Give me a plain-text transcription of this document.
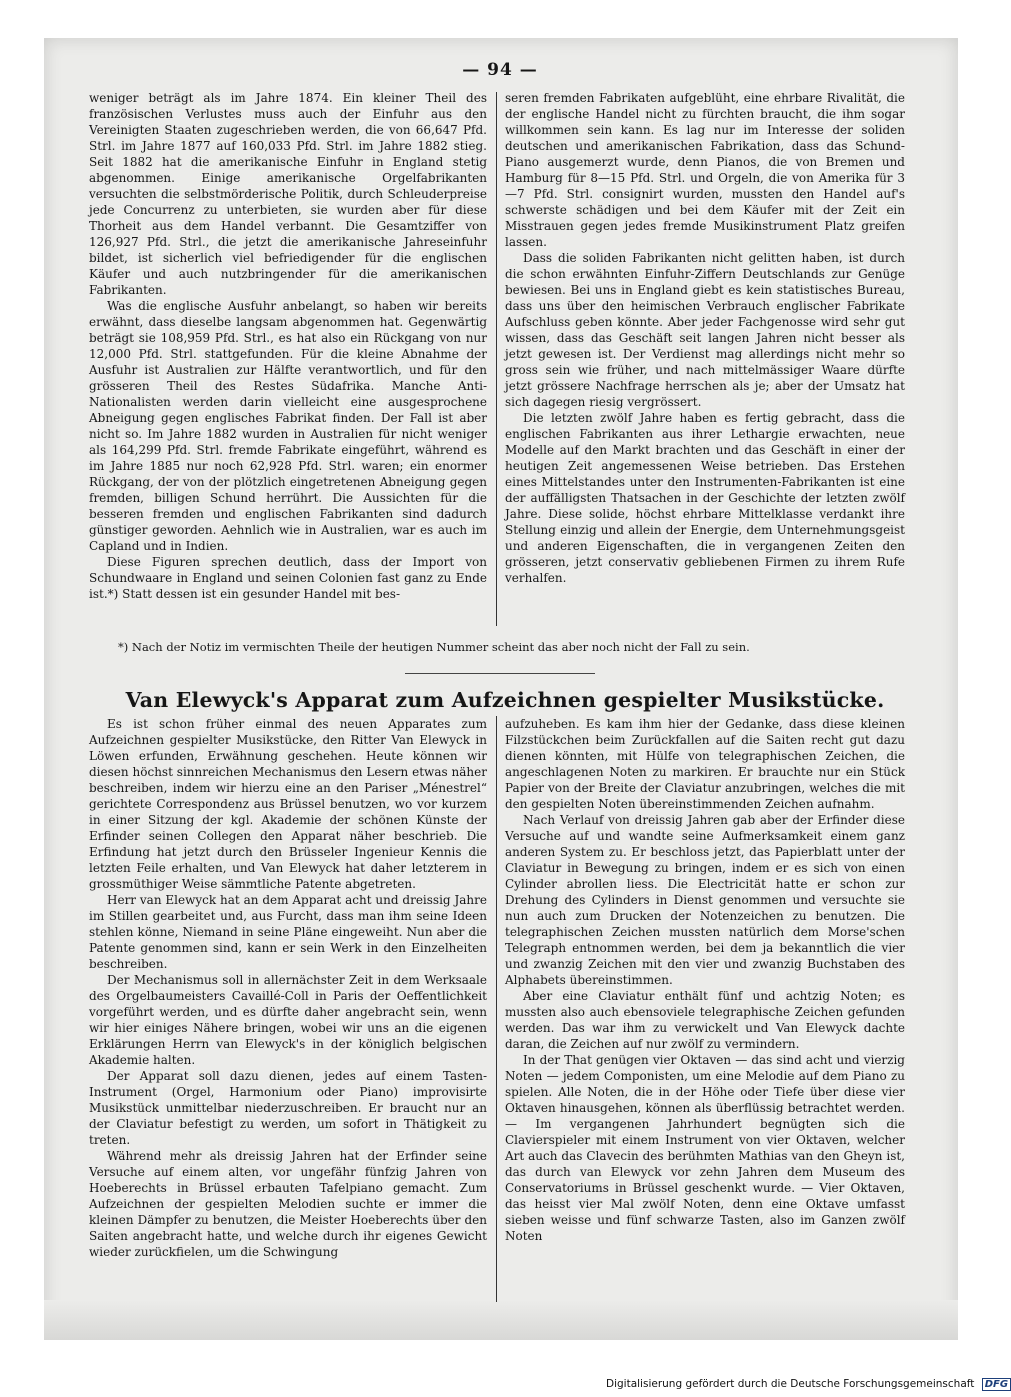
— 94 —

weniger beträgt als im Jahre 1874. Ein kleiner Theil des französischen Verlustes muss auch der Einfuhr aus den Vereinigten Staaten zugeschrieben werden, die von 66,647 Pfd. Strl. im Jahre 1877 auf 160,033 Pfd. Strl. im Jahre 1882 stieg. Seit 1882 hat die amerikanische Einfuhr in England stetig abgenommen. Einige amerikanische Orgelfabrikanten versuchten die selbstmörderische Politik, durch Schleuderpreise jede Concurrenz zu unterbieten, sie wurden aber für diese Thorheit aus dem Handel verbannt. Die Gesamtziffer von 126,927 Pfd. Strl., die jetzt die amerikanische Jahreseinfuhr bildet, ist sicherlich viel befriedigender für die englischen Käufer und auch nutzbringender für die amerikanischen Fabrikanten.

Was die englische Ausfuhr anbelangt, so haben wir bereits erwähnt, dass dieselbe langsam abgenommen hat. Gegenwärtig beträgt sie 108,959 Pfd. Strl., es hat also ein Rückgang von nur 12,000 Pfd. Strl. stattgefunden. Für die kleine Abnahme der Ausfuhr ist Australien zur Hälfte verantwortlich, und für den grösseren Theil des Restes Südafrika. Manche Anti-Nationalisten werden darin vielleicht eine ausgesprochene Abneigung gegen englisches Fabrikat finden. Der Fall ist aber nicht so. Im Jahre 1882 wurden in Australien für nicht weniger als 164,299 Pfd. Strl. fremde Fabrikate eingeführt, während es im Jahre 1885 nur noch 62,928 Pfd. Strl. waren; ein enormer Rückgang, der von der plötzlich eingetretenen Abneigung gegen fremden, billigen Schund herrührt. Die Aussichten für die besseren fremden und englischen Fabrikanten sind dadurch günstiger geworden. Aehnlich wie in Australien, war es auch im Capland und in Indien.

Diese Figuren sprechen deutlich, dass der Import von Schundwaare in England und seinen Colonien fast ganz zu Ende ist.*) Statt dessen ist ein gesunder Handel mit bes-

seren fremden Fabrikaten aufgeblüht, eine ehrbare Rivalität, die der englische Handel nicht zu fürchten braucht, die ihm sogar willkommen sein kann. Es lag nur im Interesse der soliden deutschen und amerikanischen Fabrikation, dass das Schund-Piano ausgemerzt wurde, denn Pianos, die von Bremen und Hamburg für 8—15 Pfd. Strl. und Orgeln, die von Amerika für 3—7 Pfd. Strl. consignirt wurden, mussten den Handel auf's schwerste schädigen und bei dem Käufer mit der Zeit ein Misstrauen gegen jedes fremde Musikinstrument Platz greifen lassen.

Dass die soliden Fabrikanten nicht gelitten haben, ist durch die schon erwähnten Einfuhr-Ziffern Deutschlands zur Genüge bewiesen. Bei uns in England giebt es kein statistisches Bureau, dass uns über den heimischen Verbrauch englischer Fabrikate Aufschluss geben könnte. Aber jeder Fachgenosse wird sehr gut wissen, dass das Geschäft seit langen Jahren nicht besser als jetzt gewesen ist. Der Verdienst mag allerdings nicht mehr so gross sein wie früher, und nach mittelmässiger Waare dürfte jetzt grössere Nachfrage herrschen als je; aber der Umsatz hat sich dagegen riesig vergrössert.

Die letzten zwölf Jahre haben es fertig gebracht, dass die englischen Fabrikanten aus ihrer Lethargie erwachten, neue Modelle auf den Markt brachten und das Geschäft in einer der heutigen Zeit angemessenen Weise betrieben. Das Erstehen eines Mittelstandes unter den Instrumenten-Fabrikanten ist eine der auffälligsten Thatsachen in der Geschichte der letzten zwölf Jahre. Diese solide, höchst ehrbare Mittelklasse verdankt ihre Stellung einzig und allein der Energie, dem Unternehmungsgeist und anderen Eigenschaften, die in vergangenen Zeiten den grösseren, jetzt conservativ gebliebenen Firmen zu ihrem Rufe verhalfen.

*) Nach der Notiz im vermischten Theile der heutigen Nummer scheint das aber noch nicht der Fall zu sein.
Van Elewyck's Apparat zum Aufzeichnen gespielter Musikstücke.

Es ist schon früher einmal des neuen Apparates zum Aufzeichnen gespielter Musikstücke, den Ritter Van Elewyck in Löwen erfunden, Erwähnung geschehen. Heute können wir diesen höchst sinnreichen Mechanismus den Lesern etwas näher beschreiben, indem wir hierzu eine an den Pariser „Ménestrel“ gerichtete Correspondenz aus Brüssel benutzen, wo vor kurzem in einer Sitzung der kgl. Akademie der schönen Künste der Erfinder seinen Collegen den Apparat näher beschrieb. Die Erfindung hat jetzt durch den Brüsseler Ingenieur Kennis die letzten Feile erhalten, und Van Elewyck hat daher letzterem in grossmüthiger Weise sämmtliche Patente abgetreten.

Herr van Elewyck hat an dem Apparat acht und dreissig Jahre im Stillen gearbeitet und, aus Furcht, dass man ihm seine Ideen stehlen könne, Niemand in seine Pläne eingeweiht. Nun aber die Patente genommen sind, kann er sein Werk in den Einzelheiten beschreiben.

Der Mechanismus soll in allernächster Zeit in dem Werksaale des Orgelbaumeisters Cavaillé-Coll in Paris der Oeffentlichkeit vorgeführt werden, und es dürfte daher angebracht sein, wenn wir hier einiges Nähere bringen, wobei wir uns an die eigenen Erklärungen Herrn van Elewyck's in der königlich belgischen Akademie halten.

Der Apparat soll dazu dienen, jedes auf einem Tasten-Instrument (Orgel, Harmonium oder Piano) improvisirte Musikstück unmittelbar niederzuschreiben. Er braucht nur an der Claviatur befestigt zu werden, um sofort in Thätigkeit zu treten.

Während mehr als dreissig Jahren hat der Erfinder seine Versuche auf einem alten, vor ungefähr fünfzig Jahren von Hoeberechts in Brüssel erbauten Tafelpiano gemacht. Zum Aufzeichnen der gespielten Melodien suchte er immer die kleinen Dämpfer zu benutzen, die Meister Hoeberechts über den Saiten angebracht hatte, und welche durch ihr eigenes Gewicht wieder zurückfielen, um die Schwingung

aufzuheben. Es kam ihm hier der Gedanke, dass diese kleinen Filzstückchen beim Zurückfallen auf die Saiten recht gut dazu dienen könnten, mit Hülfe von telegraphischen Zeichen, die angeschlagenen Noten zu markiren. Er brauchte nur ein Stück Papier von der Breite der Claviatur anzubringen, welches die mit den gespielten Noten übereinstimmenden Zeichen aufnahm.

Nach Verlauf von dreissig Jahren gab aber der Erfinder diese Versuche auf und wandte seine Aufmerksamkeit einem ganz anderen System zu. Er beschloss jetzt, das Papierblatt unter der Claviatur in Bewegung zu bringen, indem er es sich von einen Cylinder abrollen liess. Die Electricität hatte er schon zur Drehung des Cylinders in Dienst genommen und versuchte sie nun auch zum Drucken der Notenzeichen zu benutzen. Die telegraphischen Zeichen mussten natürlich dem Morse'schen Telegraph entnommen werden, bei dem ja bekanntlich die vier und zwanzig Zeichen mit den vier und zwanzig Buchstaben des Alphabets übereinstimmen.

Aber eine Claviatur enthält fünf und achtzig Noten; es mussten also auch ebensoviele telegraphische Zeichen gefunden werden. Das war ihm zu verwickelt und Van Elewyck dachte daran, die Zeichen auf nur zwölf zu vermindern.

In der That genügen vier Oktaven — das sind acht und vierzig Noten — jedem Componisten, um eine Melodie auf dem Piano zu spielen. Alle Noten, die in der Höhe oder Tiefe über diese vier Oktaven hinausgehen, können als überflüssig betrachtet werden. — Im vergangenen Jahrhundert begnügten sich die Clavierspieler mit einem Instrument von vier Oktaven, welcher Art auch das Clavecin des berühmten Mathias van den Gheyn ist, das durch van Elewyck vor zehn Jahren dem Museum des Conservatoriums in Brüssel geschenkt wurde. — Vier Oktaven, das heisst vier Mal zwölf Noten, denn eine Oktave umfasst sieben weisse und fünf schwarze Tasten, also im Ganzen zwölf Noten

Digitalisierung gefördert durch die Deutsche Forschungsgemeinschaft DFG
